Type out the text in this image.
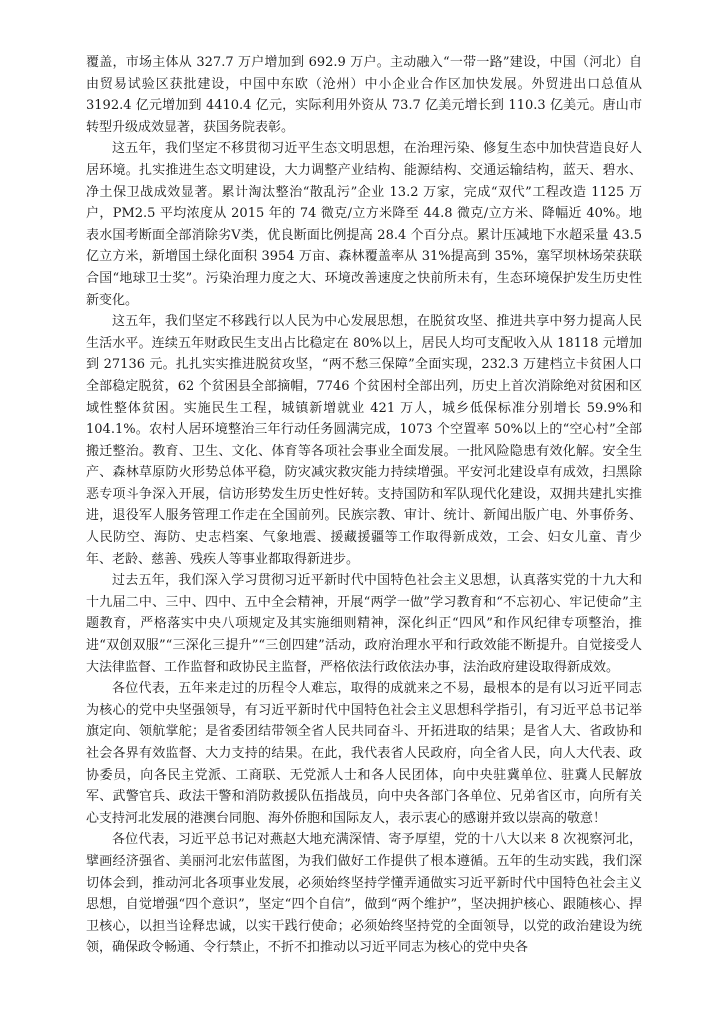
覆盖，市场主体从 327.7 万户增加到 692.9 万户。主动融入“一带一路”建设，中国（河北）自由贸易试验区获批建设，中国中东欧（沧州）中小企业合作区加快发展。外贸进出口总值从 3192.4 亿元增加到 4410.4 亿元，实际利用外资从 73.7 亿美元增长到 110.3 亿美元。唐山市转型升级成效显著，获国务院表彰。

这五年，我们坚定不移贯彻习近平生态文明思想，在治理污染、修复生态中加快营造良好人居环境。扎实推进生态文明建设，大力调整产业结构、能源结构、交通运输结构，蓝天、碧水、净土保卫战成效显著。累计淘汰整治“散乱污”企业 13.2 万家，完成“双代”工程改造 1125 万户，PM2.5 平均浓度从 2015 年的 74 微克/立方米降至 44.8 微克/立方米、降幅近 40%。地表水国考断面全部消除劣Ⅴ类，优良断面比例提高 28.4 个百分点。累计压减地下水超采量 43.5 亿立方米，新增国土绿化面积 3954 万亩、森林覆盖率从 31%提高到 35%，塞罕坝林场荣获联合国“地球卫士奖”。污染治理力度之大、环境改善速度之快前所未有，生态环境保护发生历史性新变化。

这五年，我们坚定不移践行以人民为中心发展思想，在脱贫攻坚、推进共享中努力提高人民生活水平。连续五年财政民生支出占比稳定在 80%以上，居民人均可支配收入从 18118 元增加到 27136 元。扎扎实实推进脱贫攻坚，“两不愁三保障”全面实现，232.3 万建档立卡贫困人口全部稳定脱贫，62 个贫困县全部摘帽，7746 个贫困村全部出列，历史上首次消除绝对贫困和区域性整体贫困。实施民生工程，城镇新增就业 421 万人，城乡低保标准分别增长 59.9%和 104.1%。农村人居环境整治三年行动任务圆满完成，1073 个空置率 50%以上的“空心村”全部搬迁整治。教育、卫生、文化、体育等各项社会事业全面发展。一批风险隐患有效化解。安全生产、森林草原防火形势总体平稳，防灾减灾救灾能力持续增强。平安河北建设卓有成效，扫黑除恶专项斗争深入开展，信访形势发生历史性好转。支持国防和军队现代化建设，双拥共建扎实推进，退役军人服务管理工作走在全国前列。民族宗教、审计、统计、新闻出版广电、外事侨务、人民防空、海防、史志档案、气象地震、援藏援疆等工作取得新成效，工会、妇女儿童、青少年、老龄、慈善、残疾人等事业都取得新进步。

过去五年，我们深入学习贯彻习近平新时代中国特色社会主义思想，认真落实党的十九大和十九届二中、三中、四中、五中全会精神，开展“两学一做”学习教育和“不忘初心、牢记使命”主题教育，严格落实中央八项规定及其实施细则精神，深化纠正“四风”和作风纪律专项整治，推进“双创双服”“三深化三提升”“三创四建”活动，政府治理水平和行政效能不断提升。自觉接受人大法律监督、工作监督和政协民主监督，严格依法行政依法办事，法治政府建设取得新成效。

各位代表，五年来走过的历程令人难忘，取得的成就来之不易，最根本的是有以习近平同志为核心的党中央坚强领导，有习近平新时代中国特色社会主义思想科学指引，有习近平总书记举旗定向、领航掌舵；是省委团结带领全省人民共同奋斗、开拓进取的结果；是省人大、省政协和社会各界有效监督、大力支持的结果。在此，我代表省人民政府，向全省人民，向人大代表、政协委员，向各民主党派、工商联、无党派人士和各人民团体，向中央驻冀单位、驻冀人民解放军、武警官兵、政法干警和消防救援队伍指战员，向中央各部门各单位、兄弟省区市，向所有关心支持河北发展的港澳台同胞、海外侨胞和国际友人，表示衷心的感谢并致以崇高的敬意！

各位代表，习近平总书记对燕赵大地充满深情、寄予厚望，党的十八大以来 8 次视察河北，擘画经济强省、美丽河北宏伟蓝图，为我们做好工作提供了根本遵循。五年的生动实践，我们深切体会到，推动河北各项事业发展，必须始终坚持学懂弄通做实习近平新时代中国特色社会主义思想，自觉增强“四个意识”，坚定“四个自信”，做到“两个维护”，坚决拥护核心、跟随核心、捍卫核心，以担当诠释忠诚，以实干践行使命；必须始终坚持党的全面领导，以党的政治建设为统领，确保政令畅通、令行禁止，不折不扣推动以习近平同志为核心的党中央各
